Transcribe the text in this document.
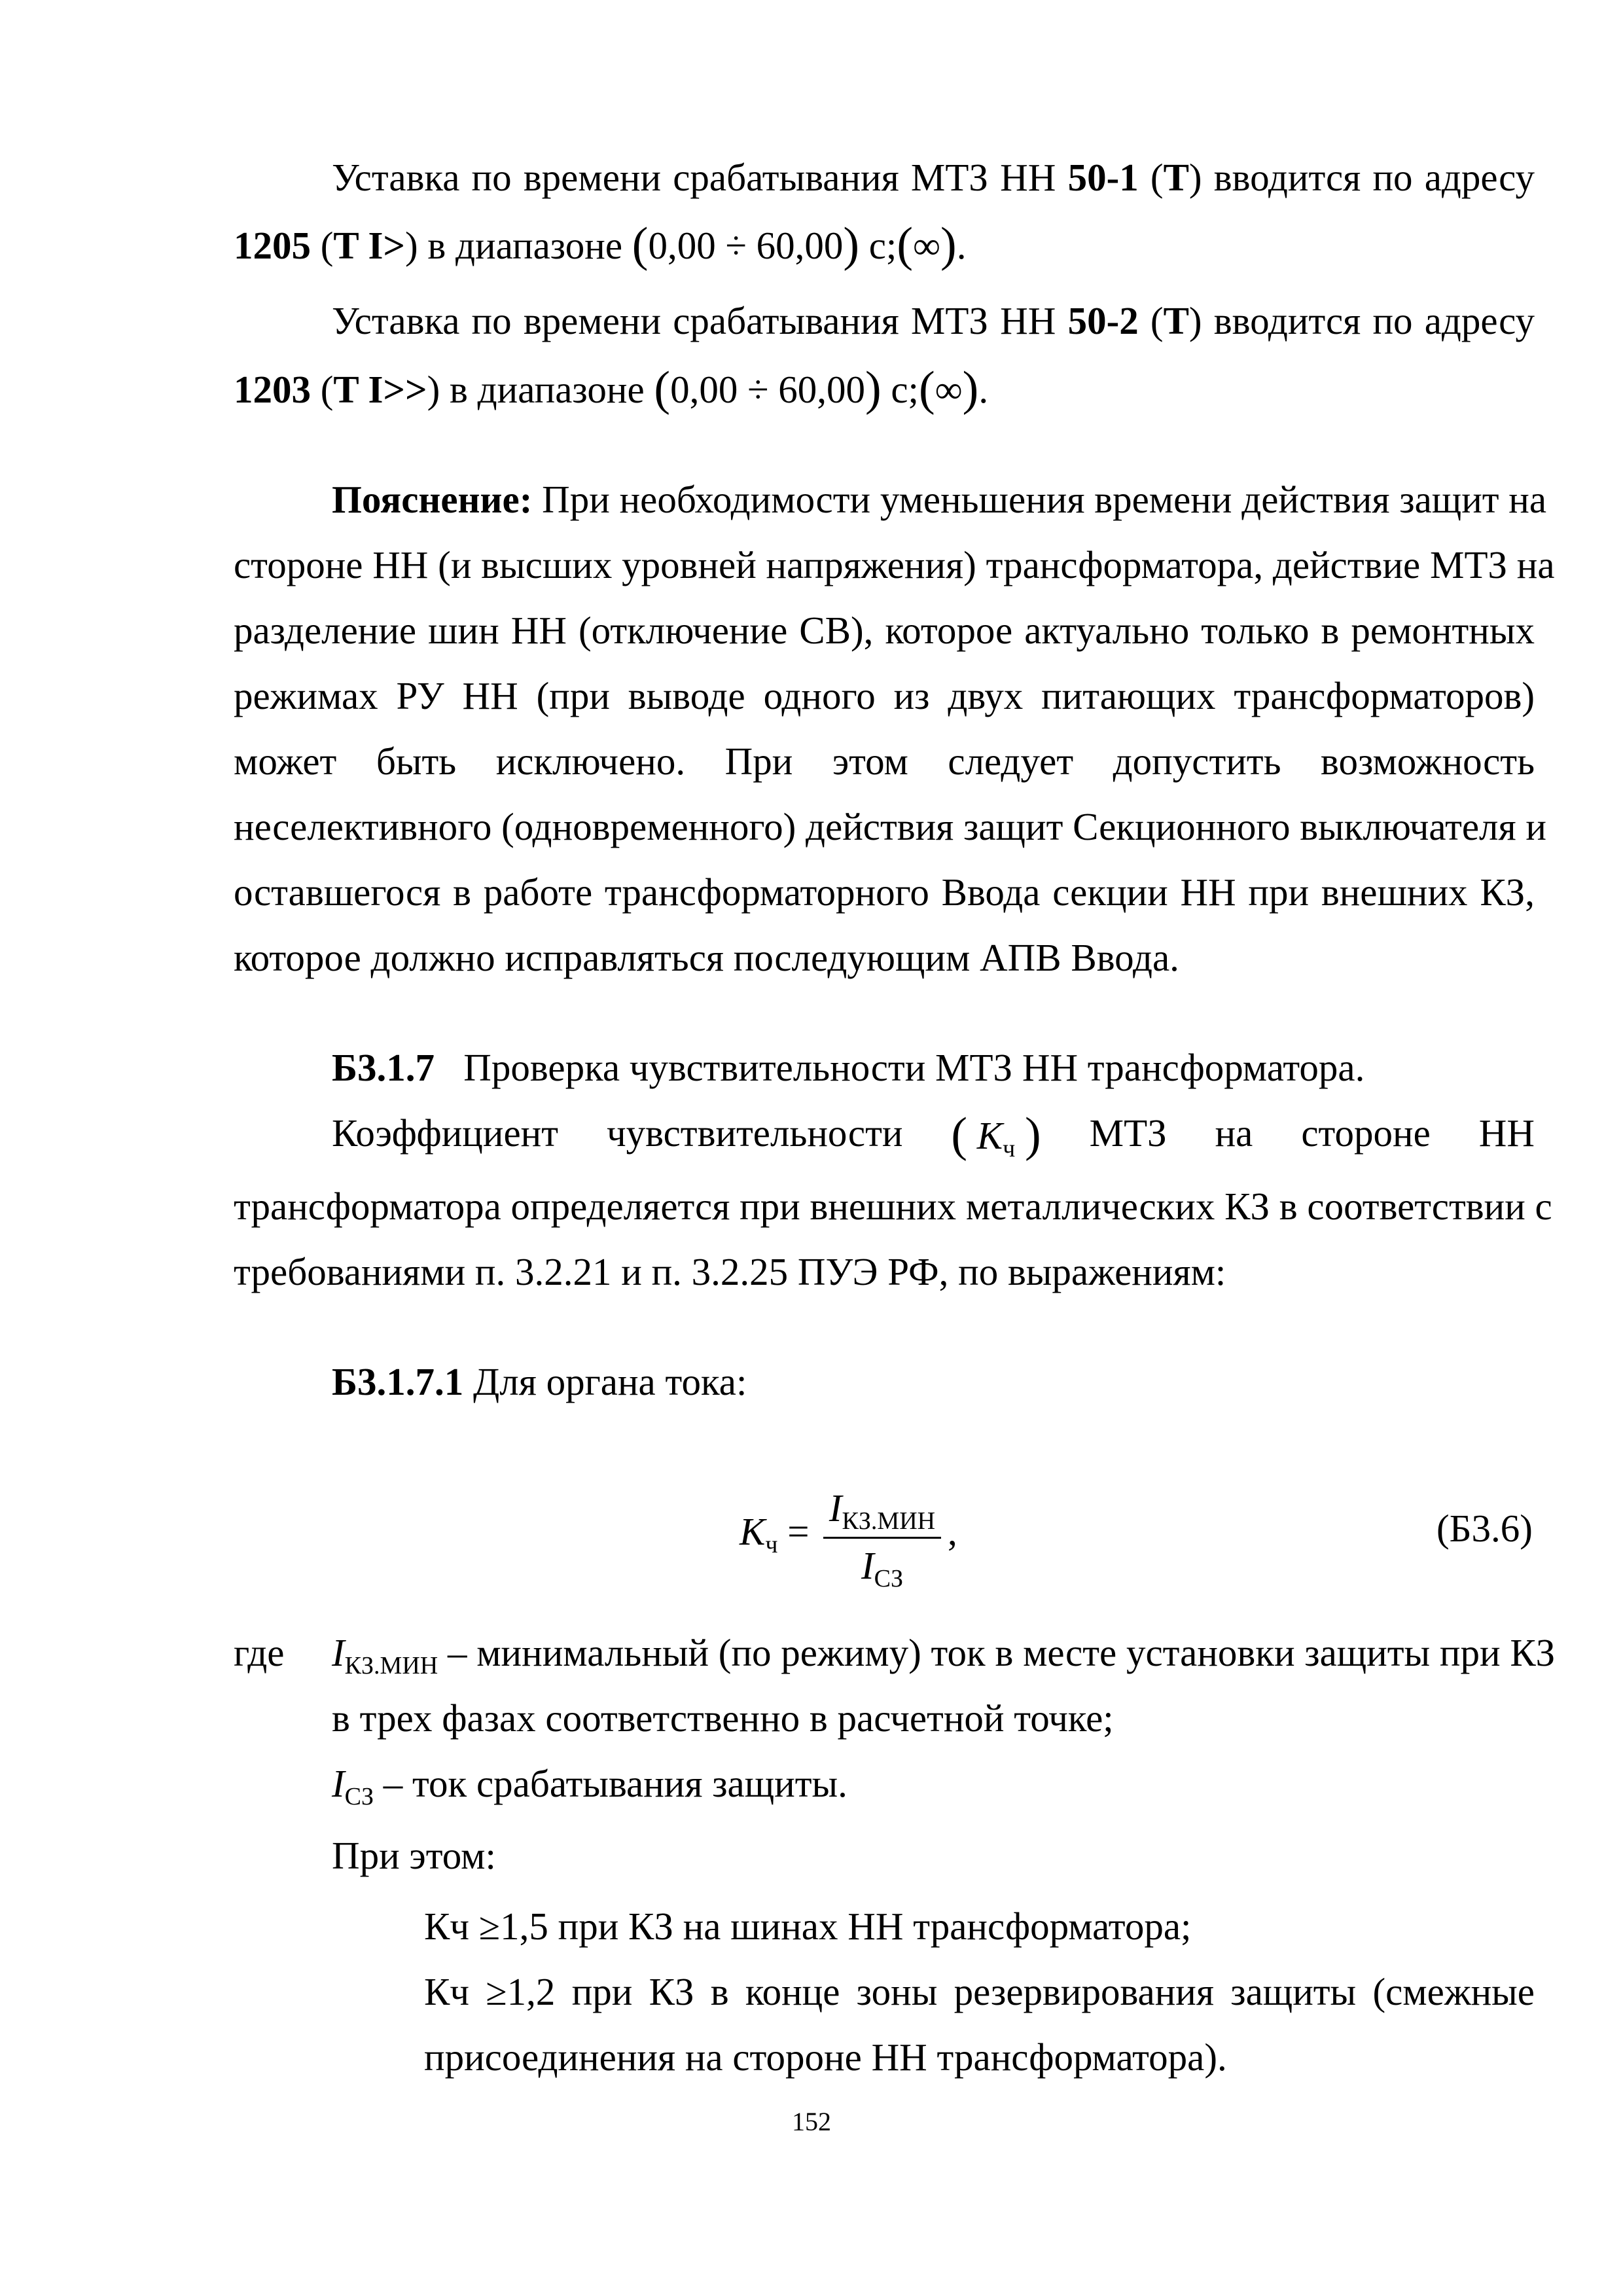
Уставка по времени срабатывания МТЗ НН 50-1 (Т) вводится по адресу
1205 (T I>) в диапазоне (0,00 ÷ 60,00) с;(∞).
Уставка по времени срабатывания МТЗ НН 50-2 (Т) вводится по адресу
1203 (T I>>) в диапазоне (0,00 ÷ 60,00) с;(∞).
Пояснение: При необходимости уменьшения времени действия защит на
стороне НН (и высших уровней напряжения) трансформатора, действие МТЗ на
разделение шин НН (отключение СВ), которое актуально только в ремонтных
режимах РУ НН (при выводе одного из двух питающих трансформаторов)
может быть исключено. При этом следует допустить возможность
неселективного (одновременного) действия защит Секционного выключателя и
оставшегося в работе трансформаторного Ввода секции НН при внешних КЗ,
которое должно исправляться последующим АПВ Ввода.
Б3.1.7 Проверка чувствительности МТЗ НН трансформатора.
Коэффициент чувствительности ( $K_ч$ ) МТЗ на стороне НН
трансформатора определяется при внешних металлических КЗ в соответствии с
требованиями п. 3.2.21 и п. 3.2.25 ПУЭ РФ, по выражениям:
Б3.1.7.1 Для органа тока:
$K_ч$ =
$I_{КЗ.МИН}$
$I_{СЗ}$
,	(Б3.6)
где $I_{КЗ.МИН}$ – минимальный (по режиму) ток в месте установки защиты при КЗ
в трех фазах соответственно в расчетной точке;
$I_{СЗ}$ – ток срабатывания защиты.
При этом:
Кч ≥1,5 при КЗ на шинах НН трансформатора;
Кч ≥1,2 при КЗ в конце зоны резервирования защиты (смежные
присоединения на стороне НН трансформатора).
152
